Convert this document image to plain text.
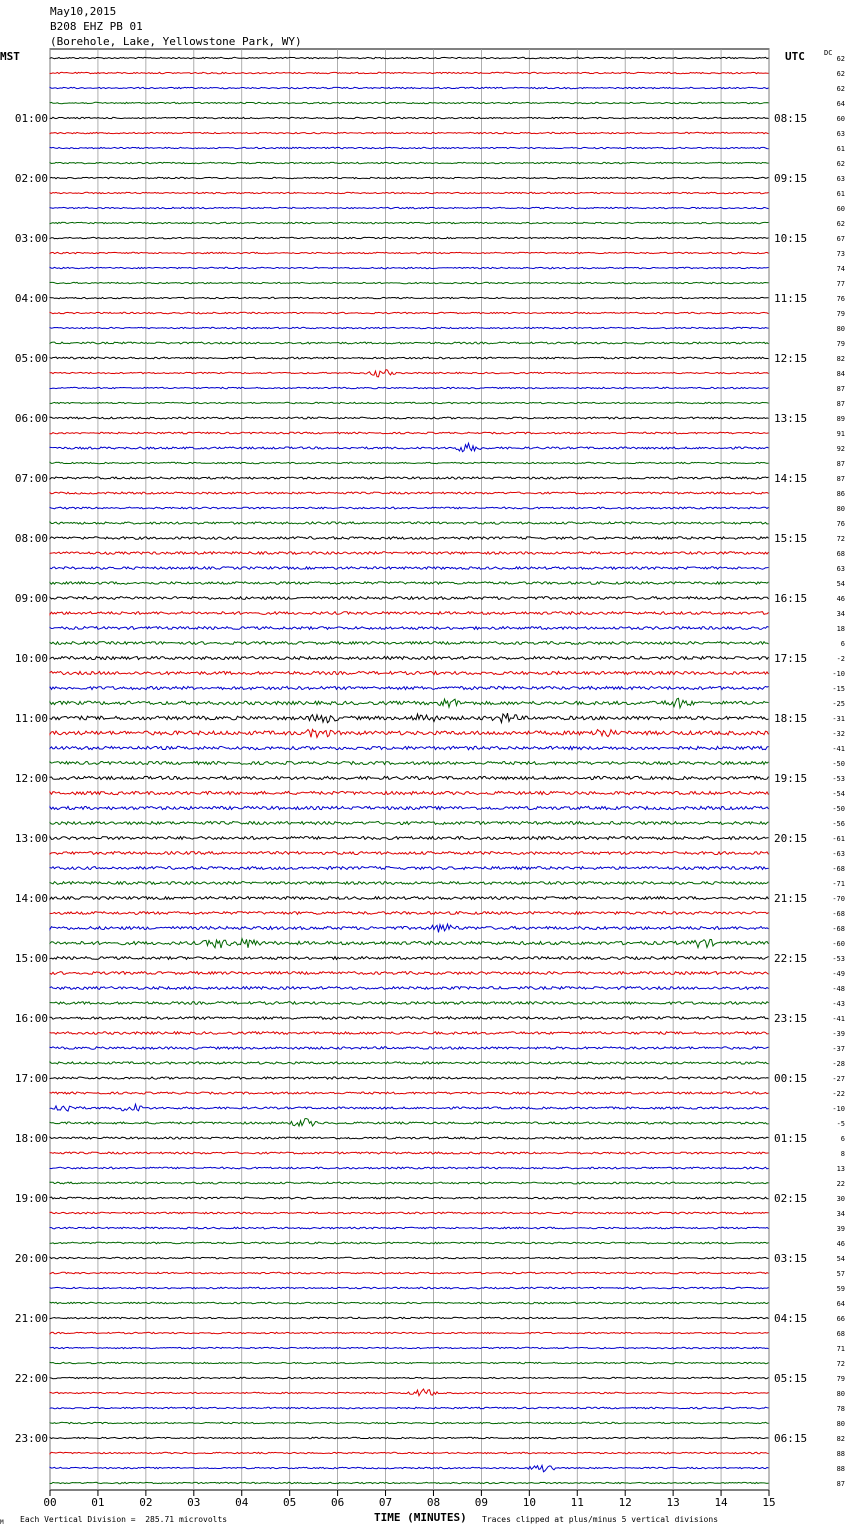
May10,2015
B208 EHZ PB 01
(Borehole, Lake, Yellowstone Park, WY)
MST	UTC	DC
00	01	02	03	04	05	06	07	08	09	10	11	12	13	14	15
62
62
62
64
60
63
61
62
63
61
60
62
67
73
74
77
76
79
80
79
82
84
87
87
89
91
92
87
87
86
80
76
72
68
63
54
46
34
18
6
-2
-10
-15
-25
-31
-32
-41
-50
-53
-54
-50
-56
-61
-63
-68
-71
-70
-68
-68
-60
-53
-49
-48
-43
-41
-39
-37
-28
-27
-22
-10
-5
6
8
13
22
30
34
39
46
54
57
59
64
66
68
71
72
79
80
78
80
82
88
88
87
01:00
02:00
03:00
04:00
05:00
06:00
07:00
08:00
09:00
10:00
11:00
12:00
13:00
14:00
15:00
16:00
17:00
18:00
19:00
20:00
21:00
22:00
23:00
08:15
09:15
10:15
11:15
12:15
13:15
14:15
15:15
16:15
17:15
18:15
19:15
20:15
21:15
22:15
23:15
00:15
01:15
02:15
03:15
04:15
05:15
06:15
M Each Vertical Division =  285.71 microvolts	TIME (MINUTES) Traces clipped at plus/minus 5 vertical divisions
